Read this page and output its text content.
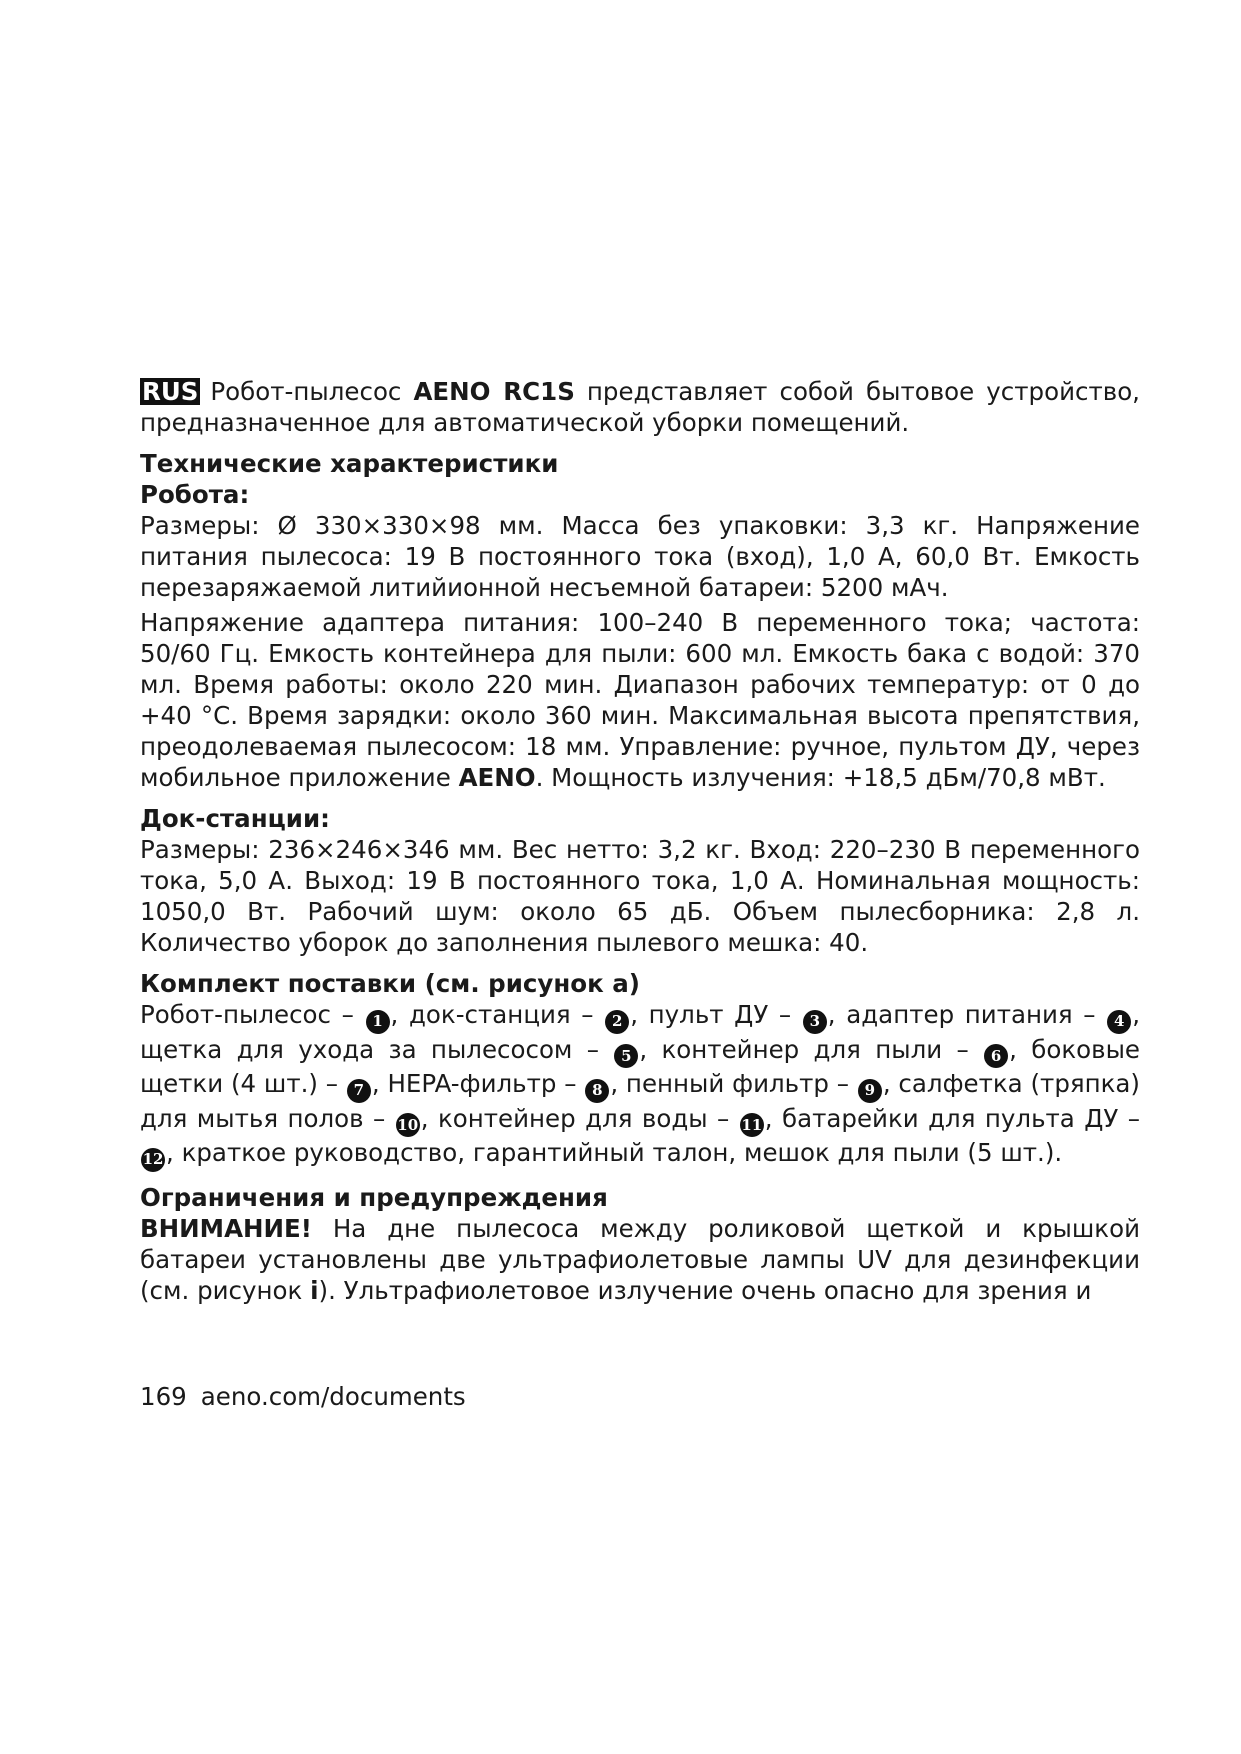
RUS Робот-пылесос AENO RC1S представляет собой бытовое устройство, предназначенное для автоматической уборки помещений.

Технические характеристики

Робота:

Размеры: Ø 330×330×98 мм. Масса без упаковки: 3,3 кг. Напряжение питания пылесоса: 19 В постоянного тока (вход), 1,0 А, 60,0 Вт. Емкость перезаряжаемой литийионной несъемной батареи: 5200 мАч.

Напряжение адаптера питания: 100–240 В переменного тока; частота: 50/60 Гц. Емкость контейнера для пыли: 600 мл. Емкость бака с водой: 370 мл. Время работы: около 220 мин. Диапазон рабочих температур: от 0 до +40 °C. Время зарядки: около 360 мин. Максимальная высота препятствия, преодолеваемая пылесосом: 18 мм. Управление: ручное, пультом ДУ, через мобильное приложение AENO. Мощность излучения: +18,5 дБм/70,8 мВт.

Док-станции:

Размеры: 236×246×346 мм. Вес нетто: 3,2 кг. Вход: 220–230 В переменного тока, 5,0 А. Выход: 19 В постоянного тока, 1,0 А. Номинальная мощность: 1050,0 Вт. Рабочий шум: около 65 дБ. Объем пылесборника: 2,8 л. Количество уборок до заполнения пылевого мешка: 40.

Комплект поставки (см. рисунок a)

Робот-пылесос – 1 , док-станция – 2 , пульт ДУ – 3 , адаптер питания – 4 , щетка для ухода за пылесосом – 5 , контейнер для пыли – 6 , боковые щетки (4 шт.) – 7 , HEPA-фильтр – 8 , пенный фильтр – 9 , салфетка (тряпка) для мытья полов – 10 , контейнер для воды – 11 , батарейки для пульта ДУ – 12 , краткое руководство, гарантийный талон, мешок для пыли (5 шт.).

Ограничения и предупреждения

ВНИМАНИЕ! На дне пылесоса между роликовой щеткой и крышкой батареи установлены две ультрафиолетовые лампы UV для дезинфекции (см. рисунок i). Ультрафиолетовое излучение очень опасно для зрения и

169 aeno.com/documents
